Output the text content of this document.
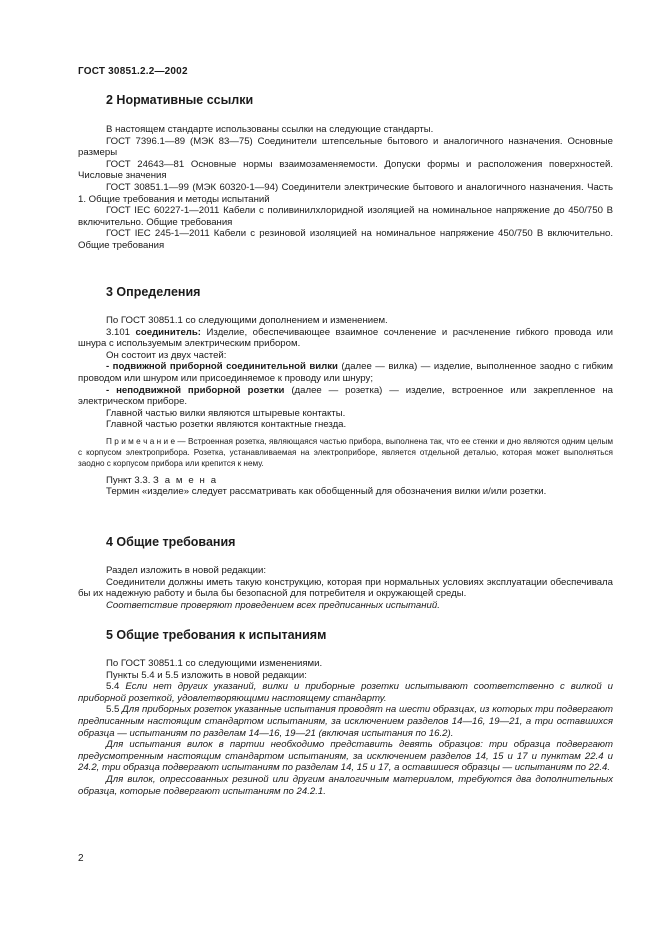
ГОСТ 30851.2.2—2002
2 Нормативные ссылки

В настоящем стандарте использованы ссылки на следующие стандарты.

ГОСТ 7396.1—89 (МЭК 83—75) Соединители штепсельные бытового и аналогичного назначения. Основные размеры

ГОСТ 24643—81 Основные нормы взаимозаменяемости. Допуски формы и расположения поверхностей. Числовые значения

ГОСТ 30851.1—99 (МЭК 60320-1—94) Соединители электрические бытового и аналогичного назначения. Часть 1. Общие требования и методы испытаний

ГОСТ IEC 60227-1—2011 Кабели с поливинилхлоридной изоляцией на номинальное напряжение до 450/750 В включительно. Общие требования

ГОСТ IEC 245-1—2011 Кабели с резиновой изоляцией на номинальное напряжение 450/750 В включительно. Общие требования

3 Определения

По ГОСТ 30851.1 со следующими дополнением и изменением.

3.101 соединитель: Изделие, обеспечивающее взаимное сочленение и расчленение гибкого провода или шнура с используемым электрическим прибором.

Он состоит из двух частей:

- подвижной приборной соединительной вилки (далее — вилка) — изделие, выполненное заодно с гибким проводом или шнуром или присоединяемое к проводу или шнуру;

- неподвижной приборной розетки (далее — розетка) — изделие, встроенное или закрепленное на электрическом приборе.

Главной частью вилки являются штыревые контакты.

Главной частью розетки являются контактные гнезда.

П р и м е ч а н и е — Встроенная розетка, являющаяся частью прибора, выполнена так, что ее стенки и дно являются одним целым с корпусом электроприбора. Розетка, устанавливаемая на электроприборе, является отдельной деталью, которая может выполняться заодно с корпусом прибора или крепится к нему.

Пункт 3.3. З а м е н а

Термин «изделие» следует рассматривать как обобщенный для обозначения вилки и/или розетки.

4 Общие требования

Раздел изложить в новой редакции:

Соединители должны иметь такую конструкцию, которая при нормальных условиях эксплуатации обеспечивала бы их надежную работу и была бы безопасной для потребителя и окружающей среды.

Соответствие проверяют проведением всех предписанных испытаний.

5 Общие требования к испытаниям

По ГОСТ 30851.1 со следующими изменениями.

Пункты 5.4 и 5.5 изложить в новой редакции:

5.4 Если нет других указаний, вилки и приборные розетки испытывают соответственно с вилкой и приборной розеткой, удовлетворяющими настоящему стандарту.

5.5 Для приборных розеток указанные испытания проводят на шести образцах, из которых три подвергают предписанным настоящим стандартом испытаниям, за исключением разделов 14—16, 19—21, а три оставшихся образца — испытаниям по разделам 14—16, 19—21 (включая испытания по 16.2).

Для испытания вилок в партии необходимо представить девять образцов: три образца подвергают предусмотренным настоящим стандартом испытаниям, за исключением разделов 14, 15 и 17 и пунктам 22.4 и 24.2, три образца подвергают испытаниям по разделам 14, 15 и 17, а оставшиеся образцы — испытаниям по 22.4.

Для вилок, опрессованных резиной или другим аналогичным материалом, требуются два дополнительных образца, которые подвергают испытаниям по 24.2.1.

2
